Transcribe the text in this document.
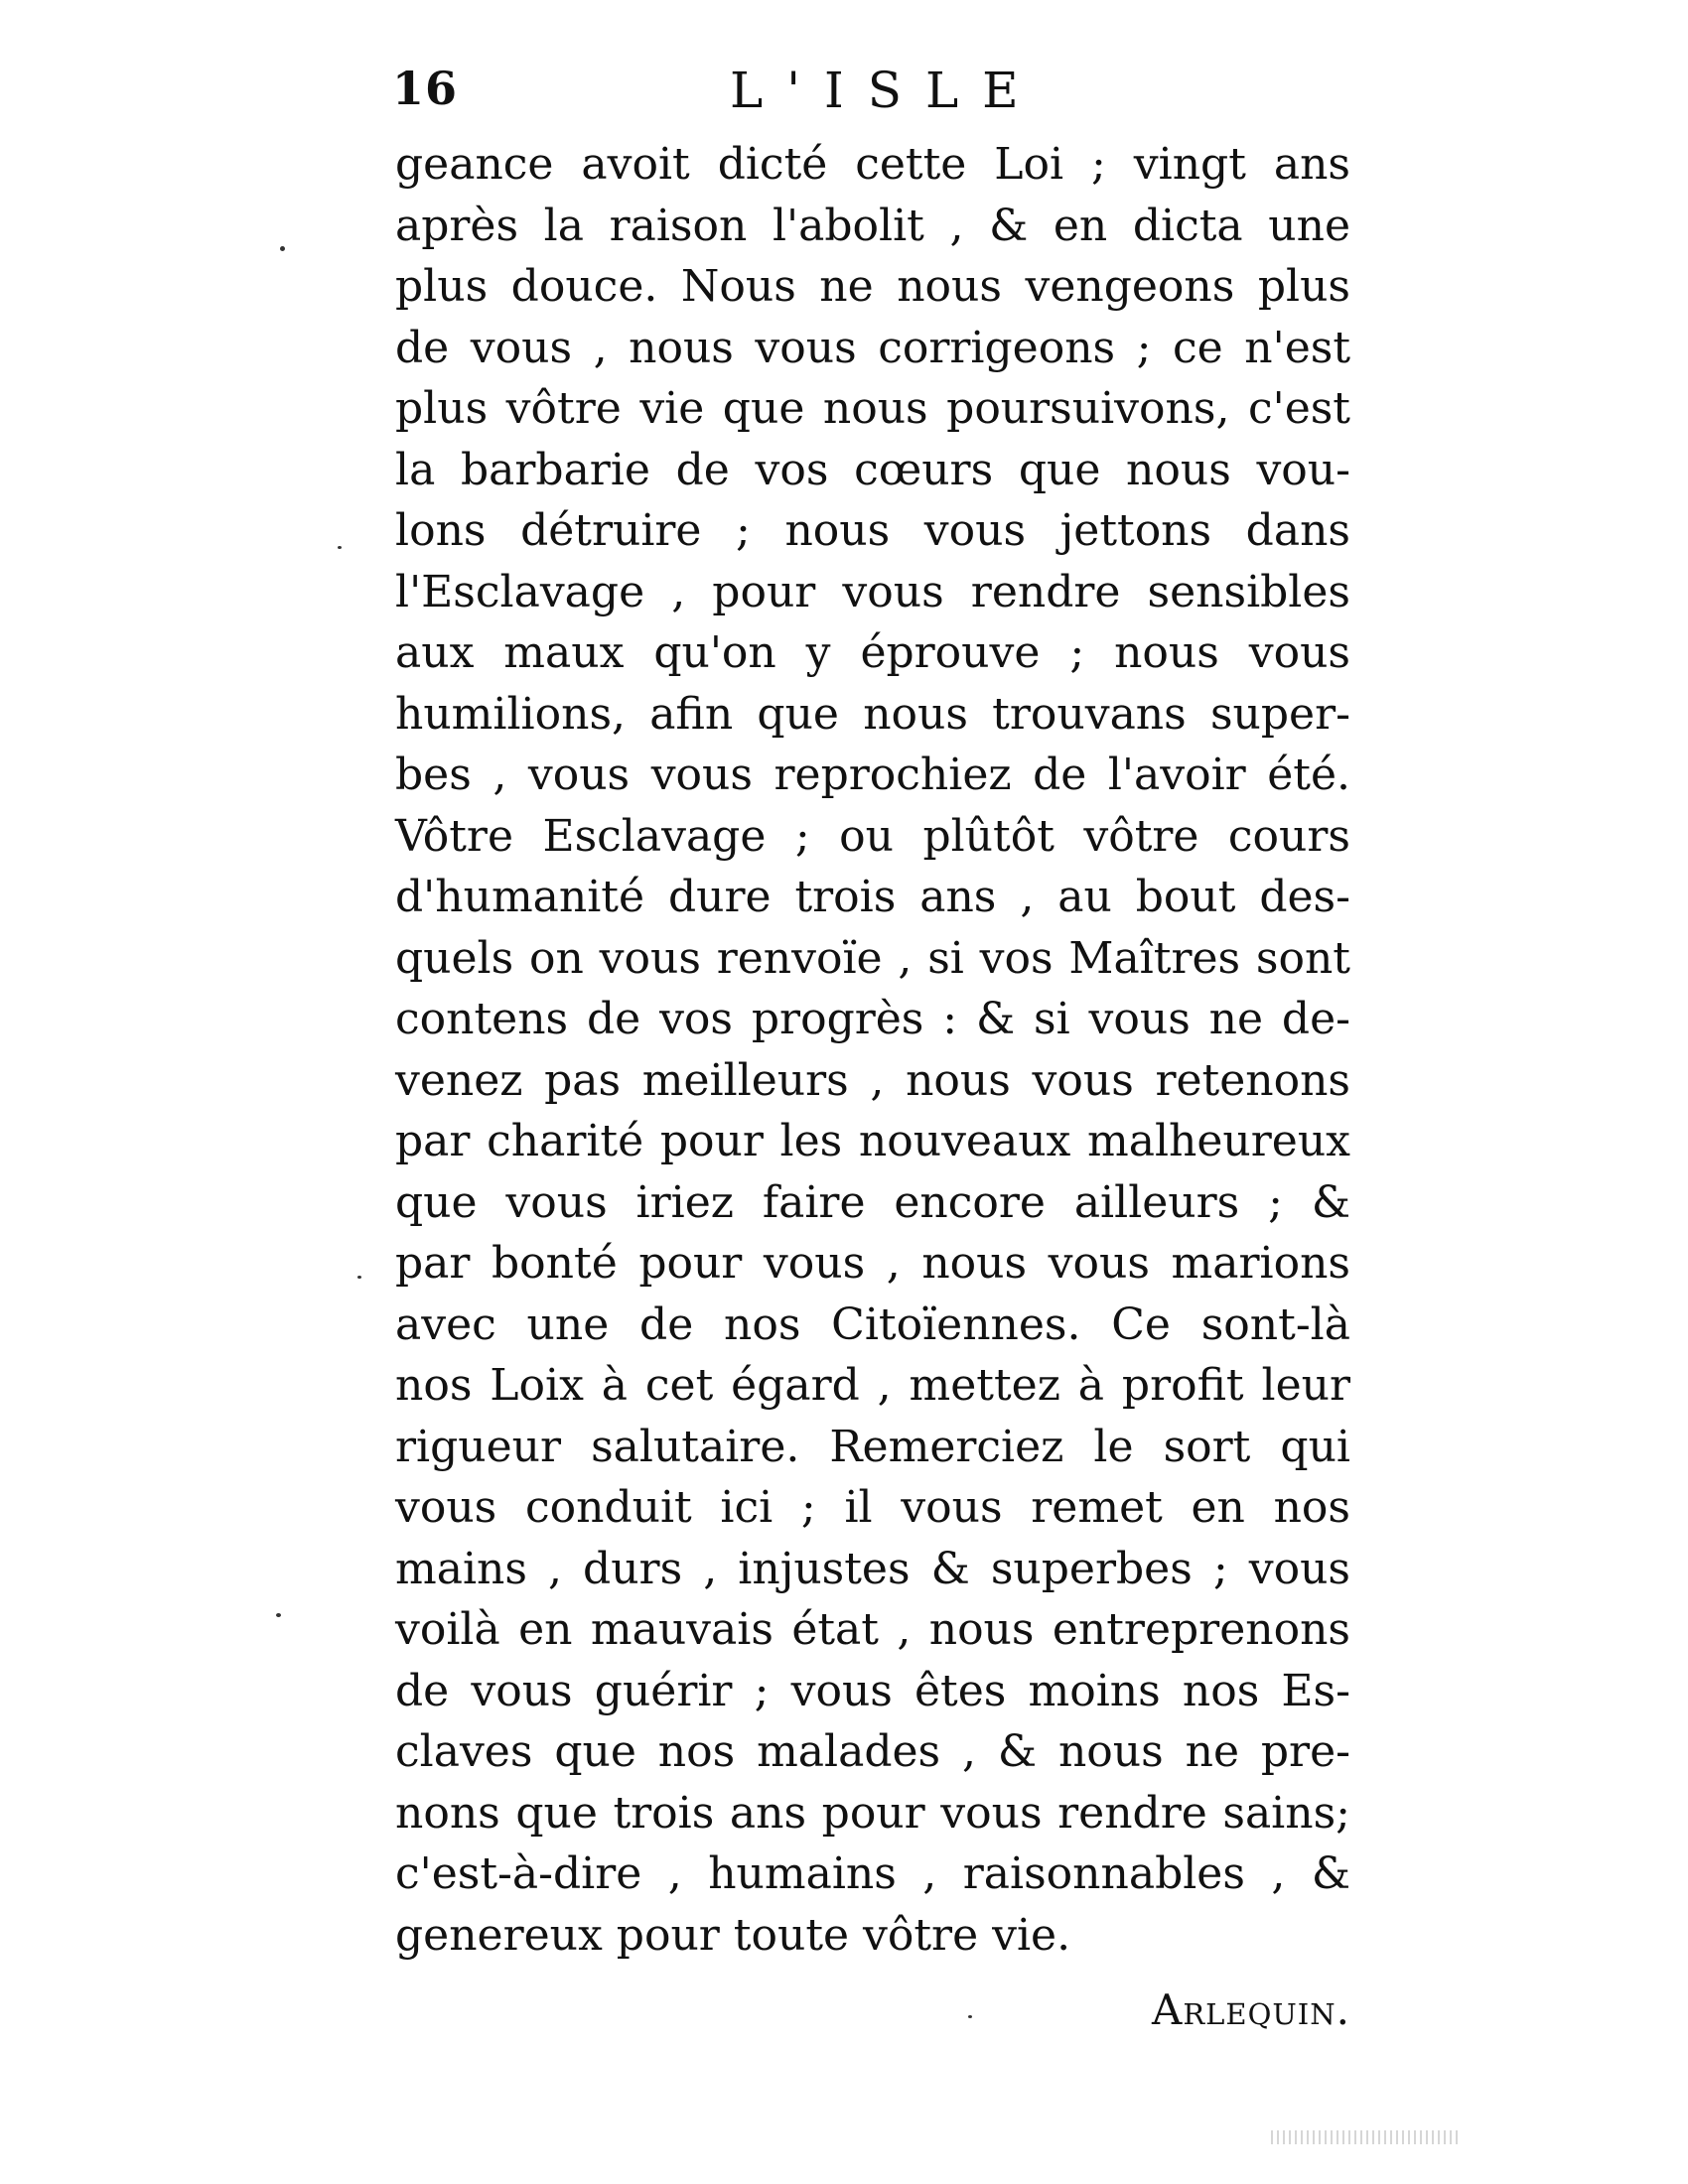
16	L'ISLE
geance avoit dicté cette Loi ; vingt ans
après la raison l'abolit , & en dicta une
plus douce. Nous ne nous vengeons plus
de vous , nous vous corrigeons ; ce n'est
plus vôtre vie que nous poursuivons, c'est
la barbarie de vos cœurs que nous vou-
lons détruire ; nous vous jettons dans
l'Esclavage , pour vous rendre sensibles
aux maux qu'on y éprouve ; nous vous
humilions, afin que nous trouvans super-
bes , vous vous reprochiez de l'avoir été.
Vôtre Esclavage ; ou plûtôt vôtre cours
d'humanité dure trois ans , au bout des-
quels on vous renvoïe , si vos Maîtres sont
contens de vos progrès : & si vous ne de-
venez pas meilleurs , nous vous retenons
par charité pour les nouveaux malheureux
que vous iriez faire encore ailleurs ; &
par bonté pour vous , nous vous marions
avec une de nos Citoïennes. Ce sont-là
nos Loix à cet égard , mettez à profit leur
rigueur salutaire. Remerciez le sort qui
vous conduit ici ; il vous remet en nos
mains , durs , injustes & superbes ; vous
voilà en mauvais état , nous entreprenons
de vous guérir ; vous êtes moins nos Es-
claves que nos malades , & nous ne pre-
nons que trois ans pour vous rendre sains;
c'est-à-dire , humains , raisonnables , &
genereux pour toute vôtre vie.
Arlequin.
